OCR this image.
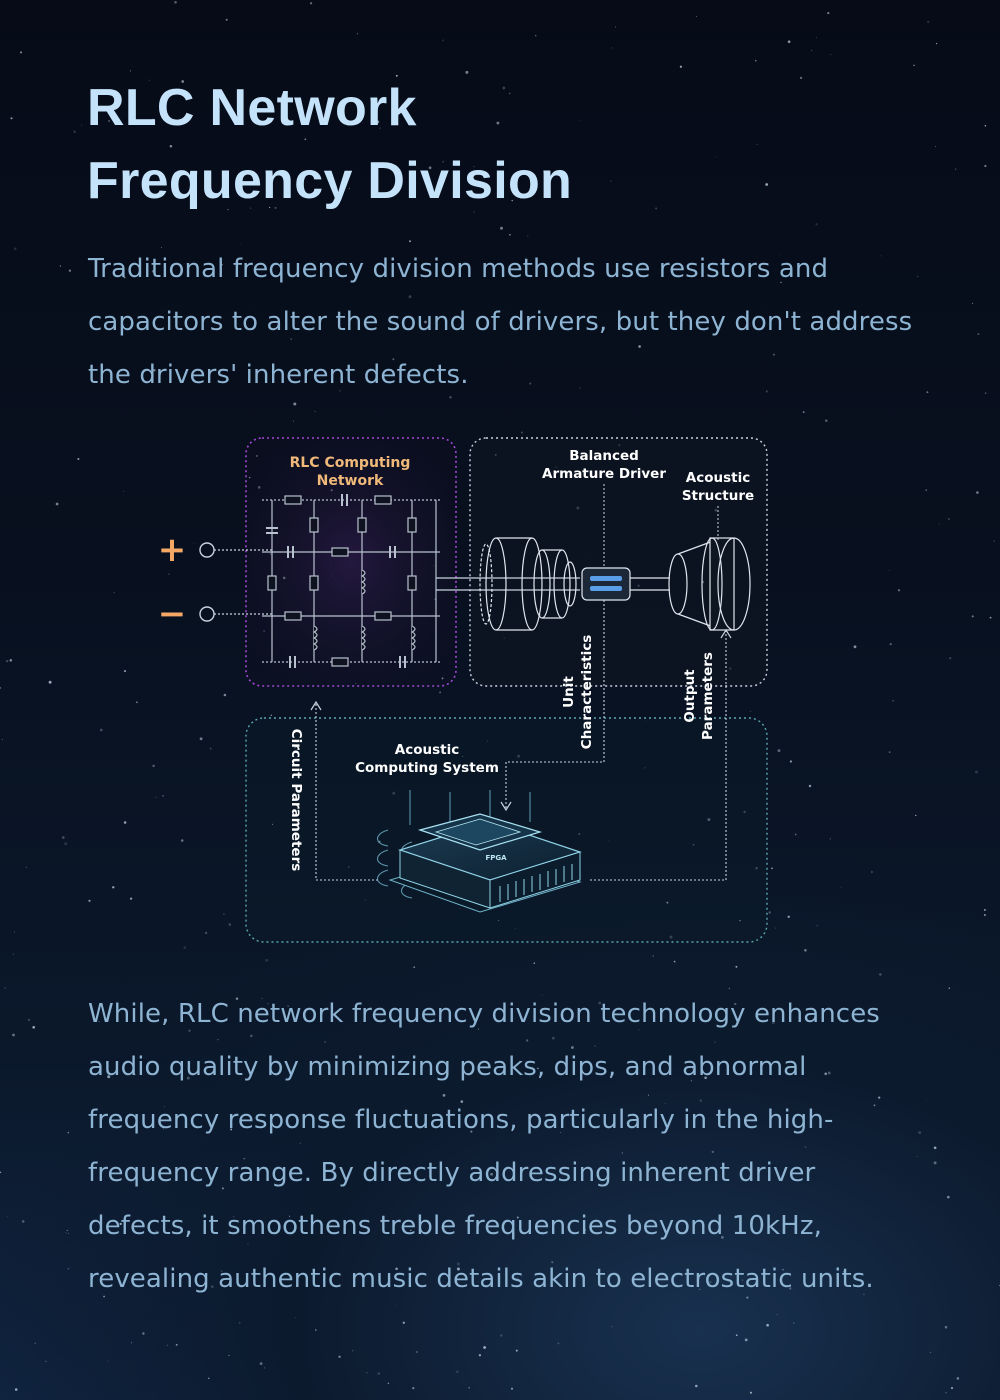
RLC Network
Frequency Division

Traditional frequency division methods use resistors and capacitors to alter the sound of drivers, but they don't address the drivers' inherent defects.

RLC Computing
Network
+
−
Balanced
Armature Driver Acoustic
Structure
Unit Characteristics	Output Parameters
Circuit Parameters	Acoustic
Computing System
FPGA

While, RLC network frequency division technology enhances audio quality by minimizing peaks, dips, and abnormal frequency response fluctuations, particularly in the high-frequency range. By directly addressing inherent driver defects, it smoothens treble frequencies beyond 10kHz, revealing authentic music details akin to electrostatic units.
